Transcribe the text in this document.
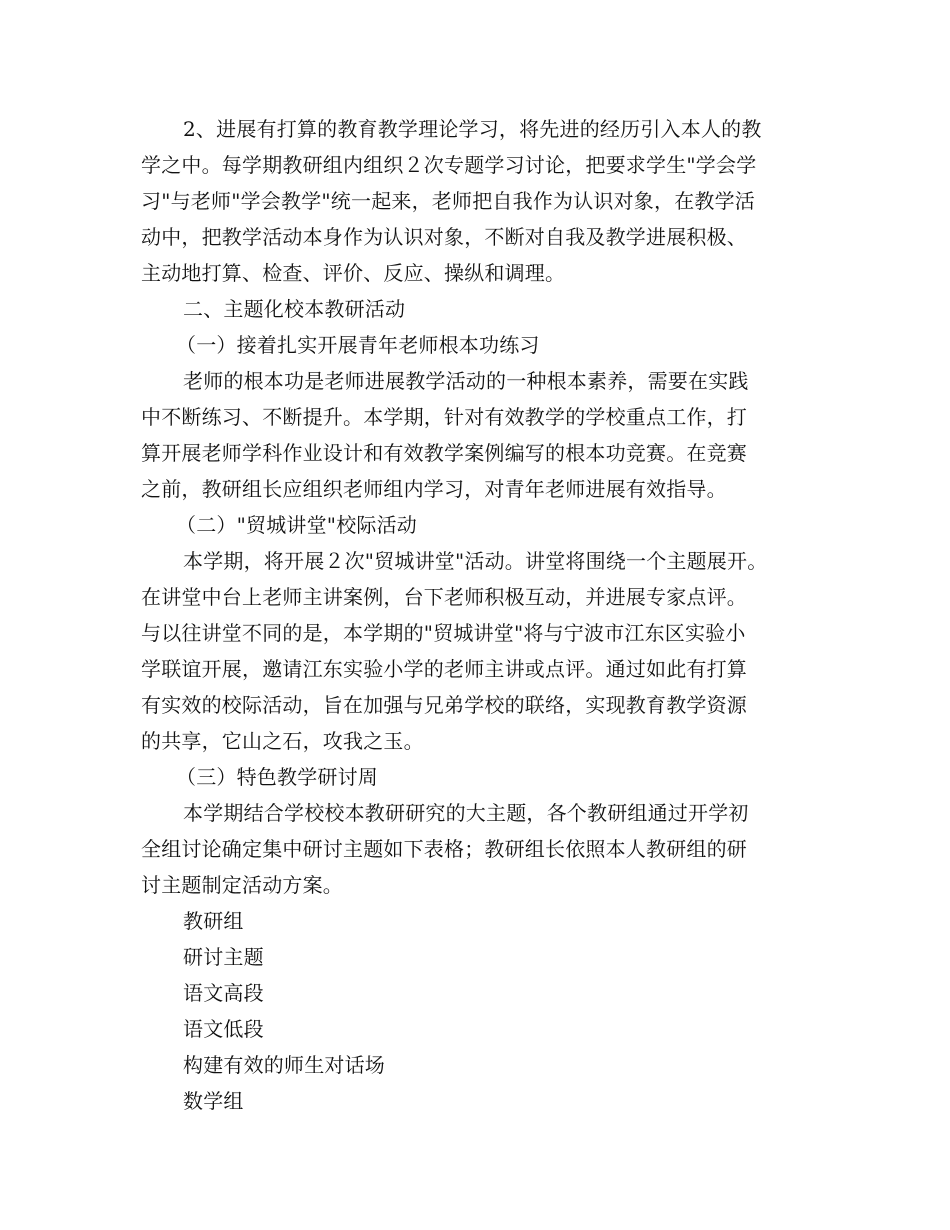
2、进展有打算的教育教学理论学习，将先进的经历引入本人的教
学之中。每学期教研组内组织２次专题学习讨论，把要求学生"学会学
习"与老师"学会教学"统一起来，老师把自我作为认识对象，在教学活
动中，把教学活动本身作为认识对象，不断对自我及教学进展积极、
主动地打算、检查、评价、反应、操纵和调理。
二、主题化校本教研活动
（一）接着扎实开展青年老师根本功练习
老师的根本功是老师进展教学活动的一种根本素养，需要在实践
中不断练习、不断提升。本学期，针对有效教学的学校重点工作，打
算开展老师学科作业设计和有效教学案例编写的根本功竞赛。在竞赛
之前，教研组长应组织老师组内学习，对青年老师进展有效指导。
（二）"贸城讲堂"校际活动
本学期，将开展２次"贸城讲堂"活动。讲堂将围绕一个主题展开。
在讲堂中台上老师主讲案例，台下老师积极互动，并进展专家点评。
与以往讲堂不同的是，本学期的"贸城讲堂"将与宁波市江东区实验小
学联谊开展，邀请江东实验小学的老师主讲或点评。通过如此有打算
有实效的校际活动，旨在加强与兄弟学校的联络，实现教育教学资源
的共享，它山之石，攻我之玉。
（三）特色教学研讨周
本学期结合学校校本教研研究的大主题，各个教研组通过开学初
全组讨论确定集中研讨主题如下表格；教研组长依照本人教研组的研
讨主题制定活动方案。
教研组
研讨主题
语文高段
语文低段
构建有效的师生对话场
数学组
